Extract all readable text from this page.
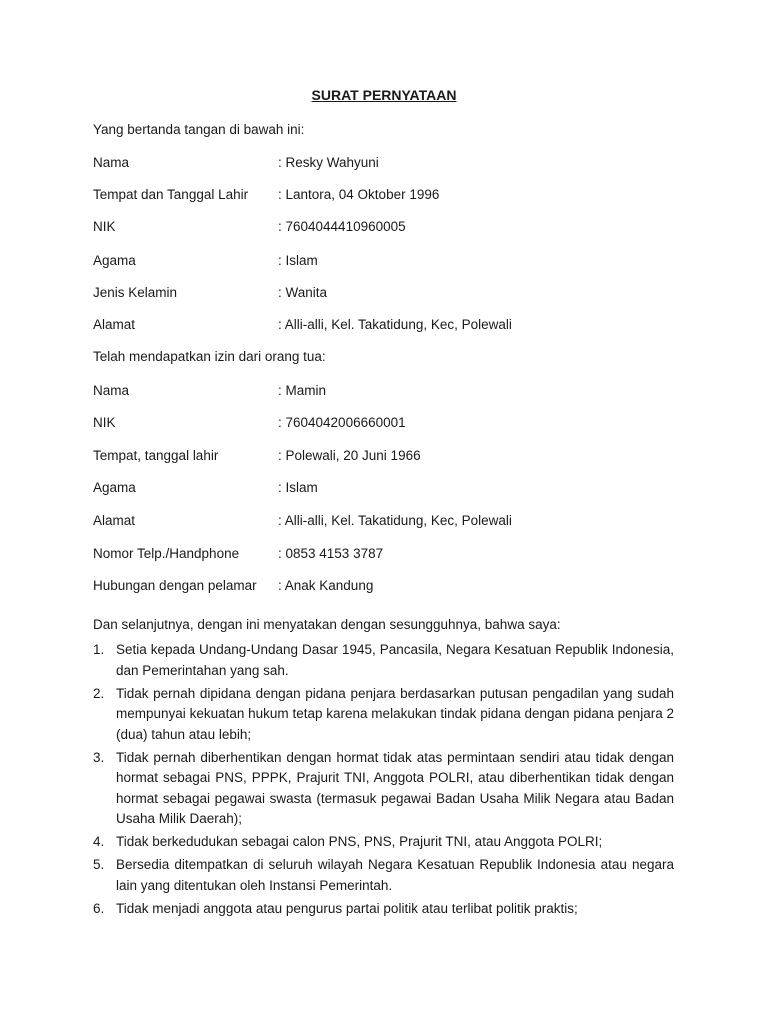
SURAT PERNYATAAN
Yang bertanda tangan di bawah ini:
Nama	: Resky Wahyuni
Tempat dan Tanggal Lahir : Lantora, 04 Oktober 1996
NIK	: 7604044410960005
Agama	: Islam
Jenis Kelamin	: Wanita
Alamat	: Alli-alli, Kel. Takatidung, Kec, Polewali
Telah mendapatkan izin dari orang tua:
Nama	: Mamin
NIK	: 7604042006660001
Tempat, tanggal lahir	: Polewali, 20 Juni 1966
Agama	: Islam
Alamat	: Alli-alli, Kel. Takatidung, Kec, Polewali
Nomor Telp./Handphone	: 0853 4153 3787
Hubungan dengan pelamar : Anak Kandung
Dan selanjutnya, dengan ini menyatakan dengan sesungguhnya, bahwa saya:
1. Setia kepada Undang-Undang Dasar 1945, Pancasila, Negara Kesatuan Republik Indonesia, dan Pemerintahan yang sah.
2. Tidak pernah dipidana dengan pidana penjara berdasarkan putusan pengadilan yang sudah mempunyai kekuatan hukum tetap karena melakukan tindak pidana dengan pidana penjara 2 (dua) tahun atau lebih;
3. Tidak pernah diberhentikan dengan hormat tidak atas permintaan sendiri atau tidak dengan hormat sebagai PNS, PPPK, Prajurit TNI, Anggota POLRI, atau diberhentikan tidak dengan hormat sebagai pegawai swasta (termasuk pegawai Badan Usaha Milik Negara atau Badan Usaha Milik Daerah);
4. Tidak berkedudukan sebagai calon PNS, PNS, Prajurit TNI, atau Anggota POLRI;
5. Bersedia ditempatkan di seluruh wilayah Negara Kesatuan Republik Indonesia atau negara lain yang ditentukan oleh Instansi Pemerintah.
6. Tidak menjadi anggota atau pengurus partai politik atau terlibat politik praktis;
